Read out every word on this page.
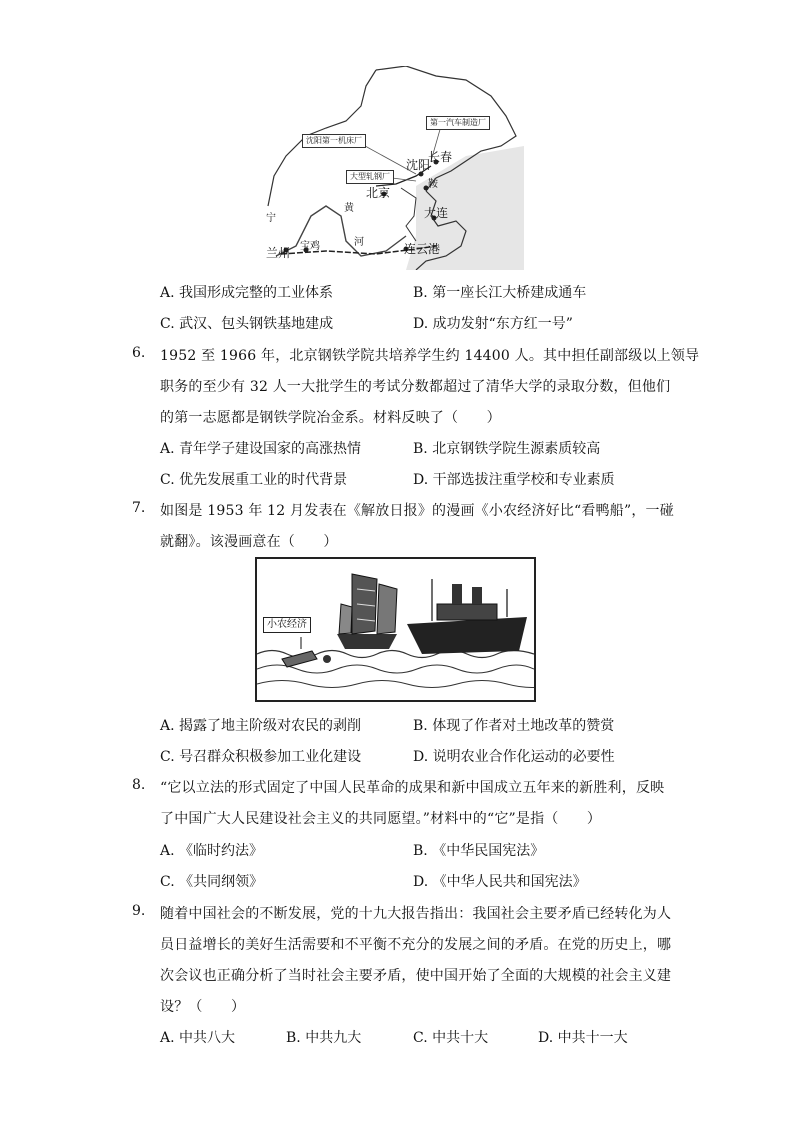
沈阳第一机床厂
第一汽车制造厂
大型轧钢厂
沈阳
长春
北京
鞍
大连
连云港
兰州 宝鸡
黄
河
宁
A. 我国形成完整的工业体系	B. 第一座长江大桥建成通车
C. 武汉、包头钢铁基地建成	D. 成功发射“东方红一号”
6.	1952 至 1966 年，北京钢铁学院共培养学生约 14400 人。其中担任副部级以上领导
职务的至少有 32 人一大批学生的考试分数都超过了清华大学的录取分数，但他们
的第一志愿都是钢铁学院冶金系。材料反映了（　　）
A. 青年学子建设国家的高涨热情	B. 北京钢铁学院生源素质较高
C. 优先发展重工业的时代背景	D. 干部选拔注重学校和专业素质
7.	如图是 1953 年 12 月发表在《解放日报》的漫画《小农经济好比“看鸭船”，一碰
就翻》。该漫画意在（　　）
小农经济
A. 揭露了地主阶级对农民的剥削	B. 体现了作者对土地改革的赞赏
C. 号召群众积极参加工业化建设	D. 说明农业合作化运动的必要性
8.	“它以立法的形式固定了中国人民革命的成果和新中国成立五年来的新胜利，反映
了中国广大人民建设社会主义的共同愿望。”材料中的“它”是指（　　）
A. 《临时约法》	B. 《中华民国宪法》
C. 《共同纲领》	D. 《中华人民共和国宪法》
9.	随着中国社会的不断发展，党的十九大报告指出：我国社会主要矛盾已经转化为人
员日益增长的美好生活需要和不平衡不充分的发展之间的矛盾。在党的历史上，哪
次会议也正确分析了当时社会主要矛盾，使中国开始了全面的大规模的社会主义建
设？（　　）
A. 中共八大	B. 中共九大	C. 中共十大	D. 中共十一大
